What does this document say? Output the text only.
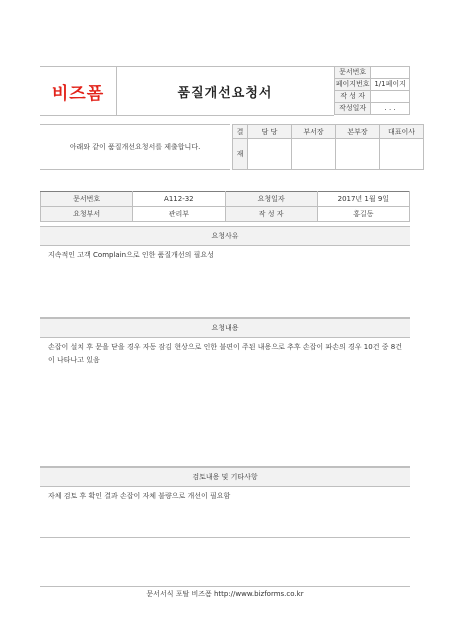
비즈폼	품질개선요청서
문서번호	
페이지번호	1/1페이지
작 성 자	
작성일자	. . .
아래와 같이 품질개선요청서를 제출합니다.
결	담 당	부서장	본부장	대표이사
재				
문서번호	A112-32	요청일자	2017년 1월 9일
요청부서	관리부	작 성 자	홍길동
요청사유
지속적인 고객 Complain으로 인한 품질개선의 필요성
요청내용
손잡이 설치 후 문을 닫을 경우 자동 잠김 현상으로 인한 불편이 주된 내용으로 추후 손잡이 파손의 경우 10건 중 8건이 나타나고 있음
검토내용 및 기타사항
자체 검토 후 확인 결과 손잡이 자체 불량으로 개선이 필요함
문서서식 포탈 비즈폼 http://www.bizforms.co.kr
